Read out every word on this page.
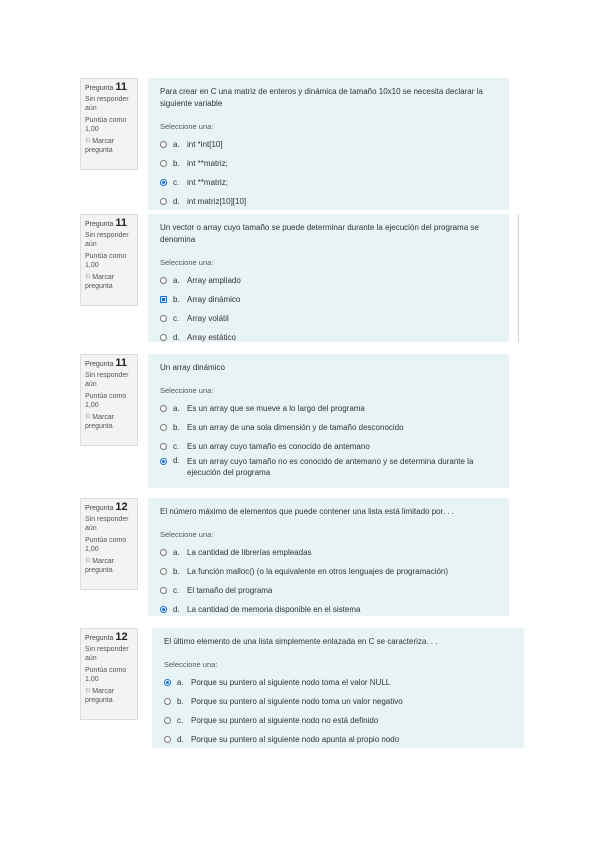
Pregunta 11
Sin responder aún
Puntúa como 1,00
⚐Marcar pregunta

Para crear en C una matriz de enteros y dinámica de tamaño 10x10 se necesita declarar la siguiente variable

Seleccione una:
a. int *int[10]
b. int **matriz;
c. int **matriz;
d. int matriz[10][10]
Pregunta 11
Sin responder aún
Puntúa como 1,00
⚐Marcar pregunta

Un vector o array cuyo tamaño se puede determinar durante la ejecución del programa se denomina

Seleccione una:
a. Array ampliado
b. Array dinámico
c. Array volátil
d. Array estático
Pregunta 11
Sin responder aún
Puntúa como 1,00
⚐Marcar pregunta

Un array dinámico

Seleccione una:
a. Es un array que se mueve a lo largo del programa
b. Es un array de una sola dimensión y de tamaño desconocido
c. Es un array cuyo tamaño es conocido de antemano
d. Es un array cuyo tamaño no es conocido de antemano y se determina durante la ejecución del programa
Pregunta 12
Sin responder aún
Puntúa como 1,00
⚐Marcar pregunta

El número máximo de elementos que puede contener una lista está limitado por. . .

Seleccione una:
a. La cantidad de librerías empleadas
b. La función malloc() (o la equivalente en otros lenguajes de programación)
c. El tamaño del programa
d. La cantidad de memoria disponible en el sistema
Pregunta 12
Sin responder aún
Puntúa como 1,00
⚐Marcar pregunta

El último elemento de una lista simplemente enlazada en C se caracteriza. . .

Seleccione una:
a. Porque su puntero al siguiente nodo toma el valor NULL
b. Porque su puntero al siguiente nodo toma un valor negativo
c. Porque su puntero al siguiente nodo no está definido
d. Porque su puntero al siguiente nodo apunta al propio nodo
